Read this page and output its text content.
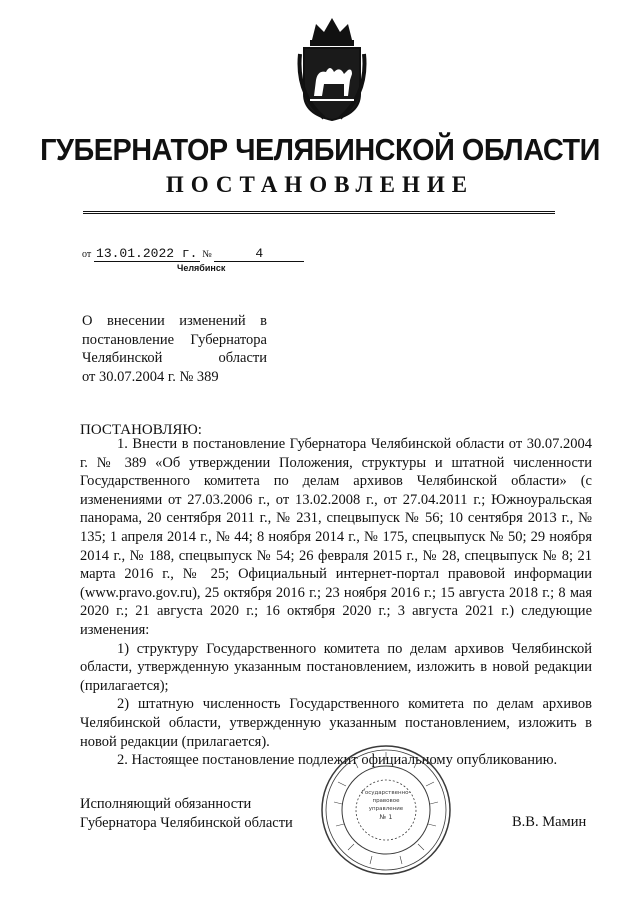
ГУБЕРНАТОР ЧЕЛЯБИНСКОЙ ОБЛАСТИ
ПОСТАНОВЛЕНИЕ
от 13.01.2022 г. №	4
Челябинск
О внесении изменений в
постановление Губернатора
Челябинской области
от 30.07.2004 г. № 389
ПОСТАНОВЛЯЮ:

1. Внести в постановление Губернатора Челябинской области от 30.07.2004 г. № 389 «Об утверждении Положения, структуры и штатной численности Государственного комитета по делам архивов Челябинской области» (с изменениями от 27.03.2006 г., от 13.02.2008 г., от 27.04.2011 г.; Южноуральская панорама, 20 сентября 2011 г., № 231, спецвыпуск № 56; 10 сентября 2013 г., № 135; 1 апреля 2014 г., № 44; 8 ноября 2014 г., № 175, спецвыпуск № 50; 29 ноября 2014 г., № 188, спецвыпуск № 54; 26 февраля 2015 г., № 28, спецвыпуск № 8; 21 марта 2016 г., № 25; Официальный интернет-портал правовой информации (www.pravo.gov.ru), 25 октября 2016 г.; 23 ноября 2016 г.; 15 августа 2018 г.; 8 мая 2020 г.; 21 августа 2020 г.; 16 октября 2020 г.; 3 августа 2021 г.) следующие изменения:

1) структуру Государственного комитета по делам архивов Челябинской области, утвержденную указанным постановлением, изложить в новой редакции (прилагается);

2) штатную численность Государственного комитета по делам архивов Челябинской области, утвержденную указанным постановлением, изложить в новой редакции (прилагается).

2. Настоящее постановление подлежит официальному опубликованию.

Исполняющий обязанности
Губернатора Челябинской области	В.В. Мамин
Государственно-
правовое
управление
№ 1
